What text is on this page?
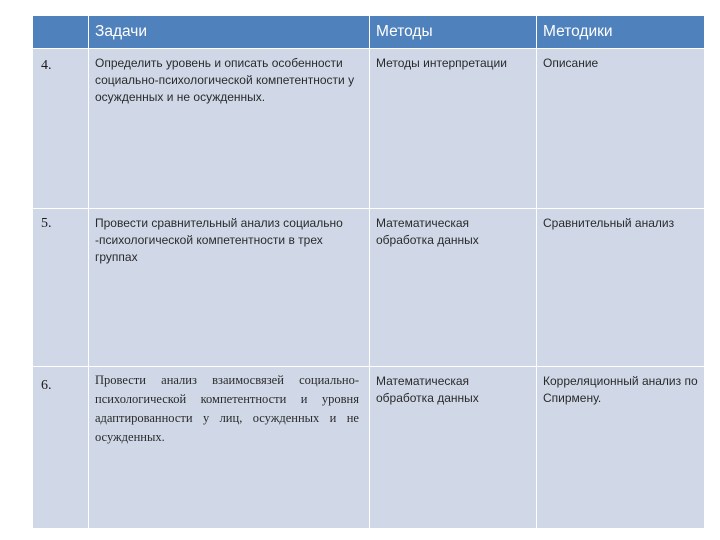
	Задачи	Методы	Методики
4.	Определить уровень и описать особенности социально-психологической компетентности у осужденных и не осужденных.	Методы интерпретации	Описание
5.	Провести сравнительный анализ социально -психологической компетентности в трех группах	Математическая обработка данных	Сравнительный анализ
6.	Провести анализ взаимосвязей социально-психологической компетентности и уровня адаптированности у лиц, осужденных и не осужденных.	Математическая обработка данных	Корреляционный анализ по Спирмену.
